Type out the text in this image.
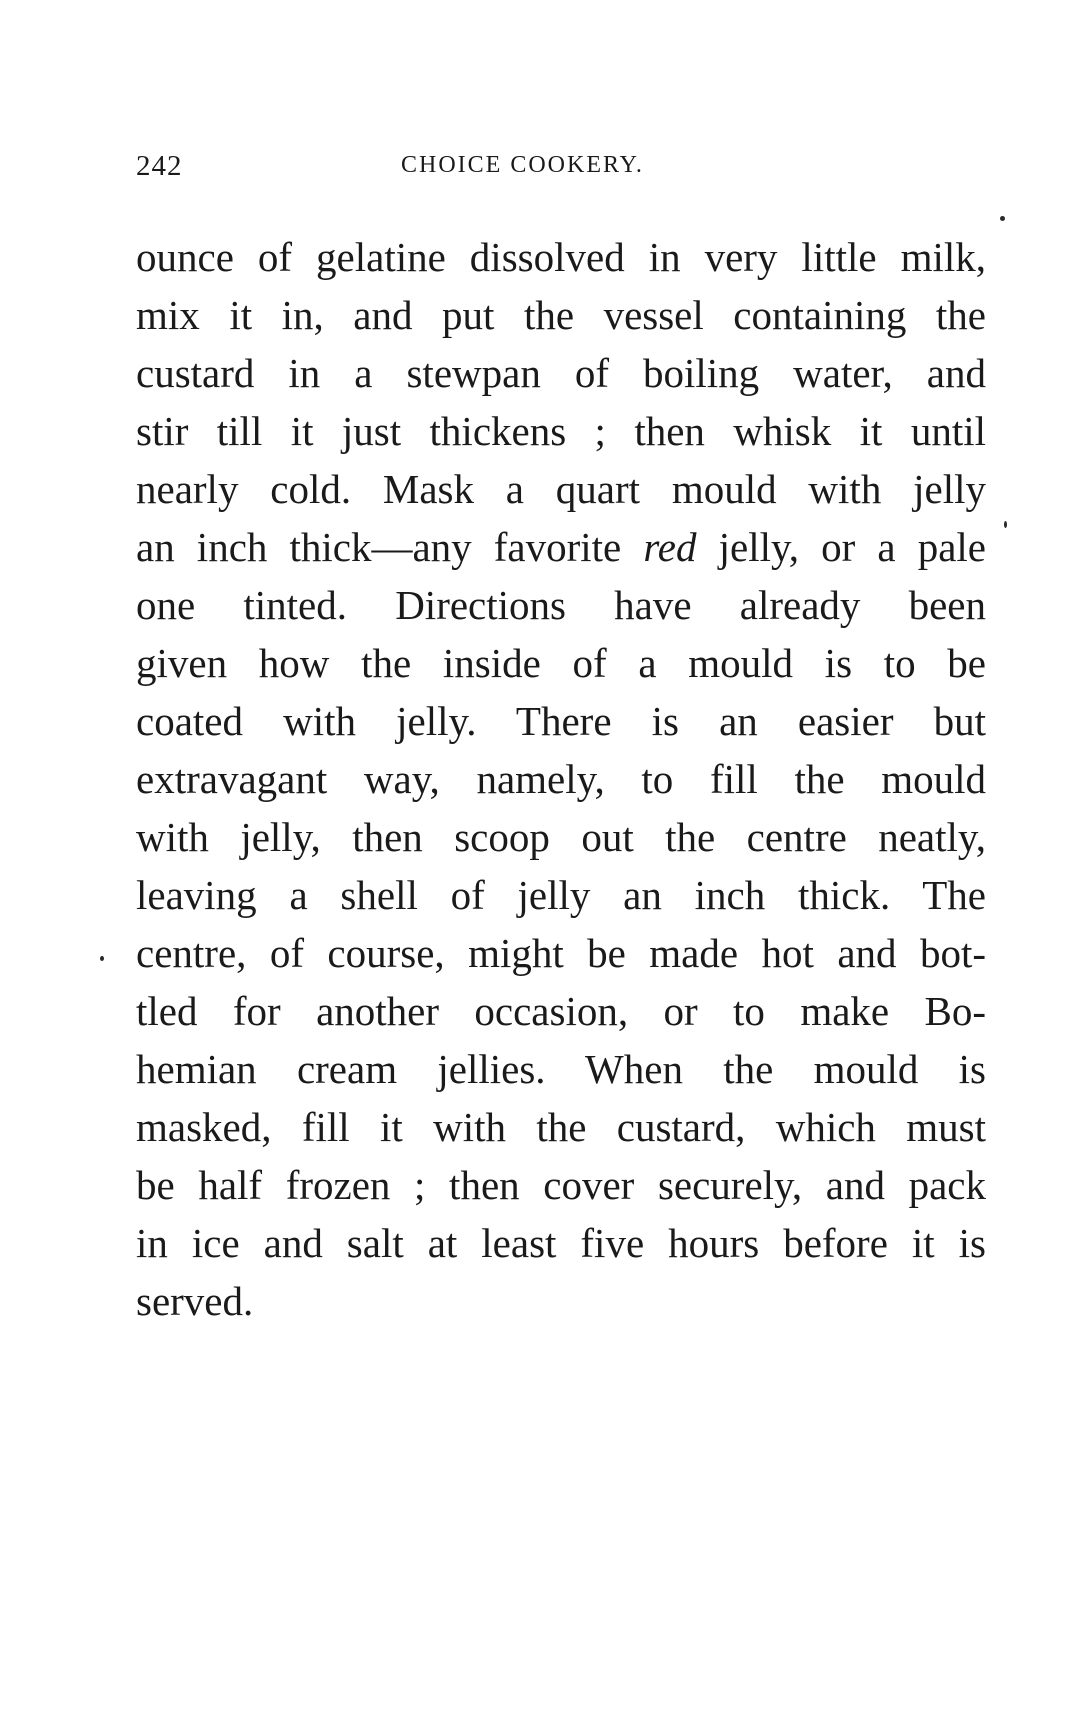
242	CHOICE COOKERY.
ounce of gelatine dissolved in very little milk,
mix it in, and put the vessel containing the
custard in a stewpan of boiling water, and
stir till it just thickens ; then whisk it until
nearly cold. Mask a quart mould with jelly
an inch thick—any favorite red jelly, or a pale
one tinted. Directions have already been
given how the inside of a mould is to be
coated with jelly. There is an easier but
extravagant way, namely, to fill the mould
with jelly, then scoop out the centre neatly,
leaving a shell of jelly an inch thick. The
centre, of course, might be made hot and bot-
tled for another occasion, or to make Bo-
hemian cream jellies. When the mould is
masked, fill it with the custard, which must
be half frozen ; then cover securely, and pack
in ice and salt at least five hours before it is
served.
